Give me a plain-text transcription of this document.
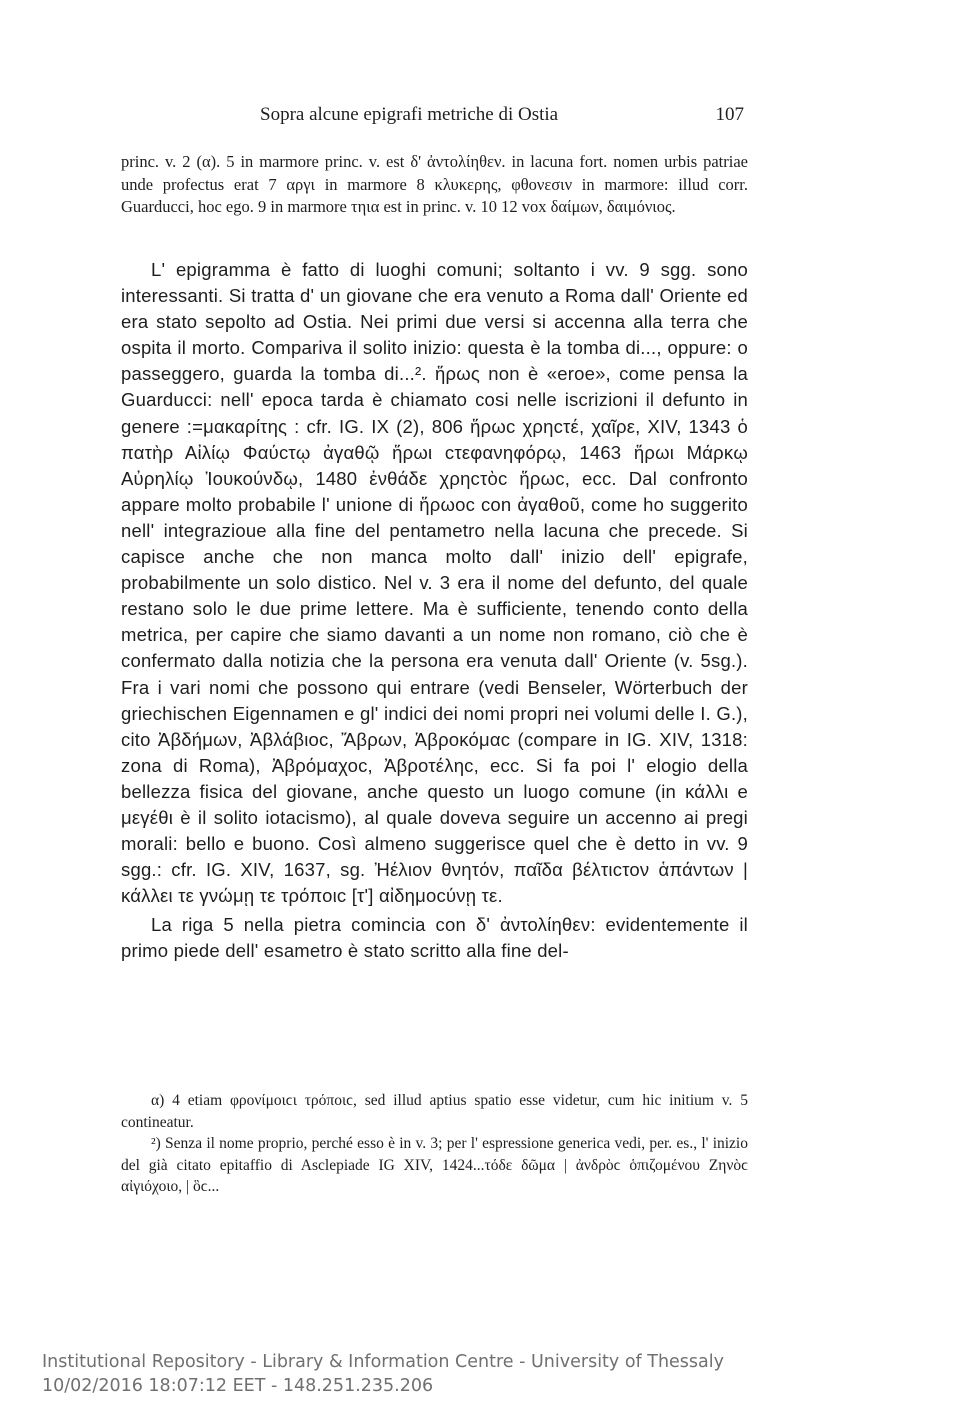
Sopra alcune epigrafi metriche di Ostia	107

princ. v. 2 (α). 5 in marmore princ. v. est δ' ἀντολίηθεν. in lacuna fort. nomen urbis patriae unde profectus erat 7 αργι in marmore 8 κλυκερης, φθονεσιν in marmore: illud corr. Guarducci, hoc ego. 9 in marmore τηια est in princ. v. 10 12 vox δαίμων, δαιμόνιος.

L' epigramma è fatto di luoghi comuni; soltanto i vv. 9 sgg. sono interessanti. Si tratta d' un giovane che era venuto a Roma dall' Oriente ed era stato sepolto ad Ostia. Nei primi due versi si accenna alla terra che ospita il morto. Compariva il solito inizio: questa è la tomba di..., oppure: o passeggero, guarda la tomba di...². ἥρως non è «eroe», come pensa la Guarducci: nell' epoca tarda è chiamato cosi nelle iscrizioni il defunto in genere :=μακαρίτης : cfr. IG. IX (2), 806 ἥρωϲ χρηϲτέ, χαῖρε, XIV, 1343 ὁ πατὴρ Αἰλίῳ Φαύϲτῳ ἀγαθῷ ἥρωι ϲτεφανηφόρῳ, 1463 ἥρωι Μάρκῳ Αὐρηλίῳ Ἰουκούνδῳ, 1480 ἐνθάδε χρηϲτὸϲ ἥρωϲ, ecc. Dal confronto appare molto probabile l' unione di ἥρωοϲ con ἀγαθοῦ, come ho suggerito nell' integrazioue alla fine del pentametro nella lacuna che precede. Si capisce anche che non manca molto dall' inizio dell' epigrafe, probabilmente un solo distico. Nel v. 3 era il nome del defunto, del quale restano solo le due prime lettere. Ma è sufficiente, tenendo conto della metrica, per capire che siamo davanti a un nome non romano, ciò che è confermato dalla notizia che la persona era venuta dall' Oriente (v. 5sg.). Fra i vari nomi che possono qui entrare (vedi Benseler, Wörterbuch der griechischen Eigennamen e gl' indici dei nomi propri nei volumi delle I. G.), cito Ἀβδήμων, Ἀβλάβιοϲ, Ἄβρων, Ἁβροκόμαϲ (compare in IG. XIV, 1318: zona di Roma), Ἀβρόμαχοϲ, Ἀβροτέληϲ, ecc. Si fa poi l' elogio della bellezza fisica del giovane, anche questo un luogo comune (in κάλλι e μεγέθι è il solito iotacismo), al quale doveva seguire un accenno ai pregi morali: bello e buono. Così almeno suggerisce quel che è detto in vv. 9 sgg.: cfr. IG. XIV, 1637, sg. Ἠέλιον θνητόν, παῖδα βέλτιϲτον ἁπάντων | κάλλει τε γνώμῃ τε τρόποιϲ [τ'] αἰδημοϲύνῃ τε.

La riga 5 nella pietra comincia con δ' ἀντολίηθεν: evidentemente il primo piede dell' esametro è stato scritto alla fine del-

α) 4 etiam φρονίμοιϲι τρόποιϲ, sed illud aptius spatio esse videtur, cum hic initium v. 5 contineatur.

²) Senza il nome proprio, perché esso è in v. 3; per l' espressione generica vedi, per. es., l' inizio del già citato epitaffio di Asclepiade IG XIV, 1424...τόδε δῶμα | ἀνδρὸϲ ὁπιζομένου Ζηνὸϲ αἰγιόχοιο, | ὃϲ...

Institutional Repository - Library & Information Centre - University of Thessaly
10/02/2016 18:07:12 EET - 148.251.235.206
